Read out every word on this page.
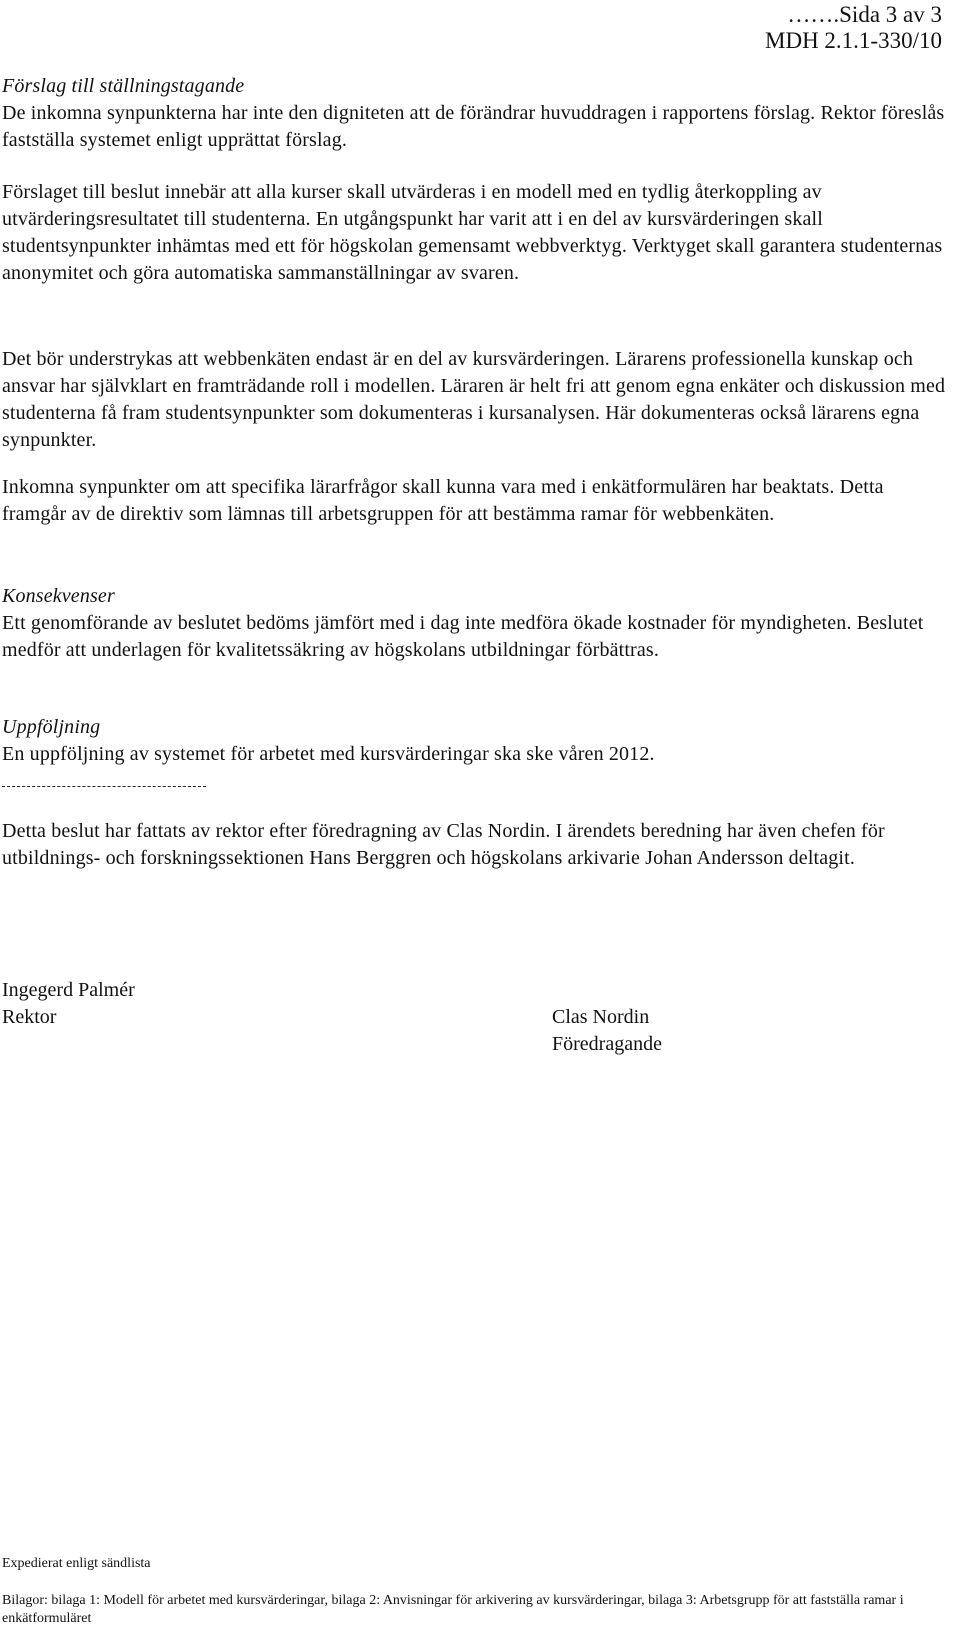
…….Sida 3 av 3
MDH 2.1.1-330/10

Förslag till ställningstagande

De inkomna synpunkterna har inte den digniteten att de förändrar huvuddragen i rapportens förslag. Rektor föreslås fastställa systemet enligt upprättat förslag.

Förslaget till beslut innebär att alla kurser skall utvärderas i en modell med en tydlig återkoppling av utvärderingsresultatet till studenterna. En utgångspunkt har varit att i en del av kursvärderingen skall studentsynpunkter inhämtas med ett för högskolan gemensamt webbverktyg. Verktyget skall garantera studenternas anonymitet och göra automatiska sammanställningar av svaren.
Det bör understrykas att webbenkäten endast är en del av kursvärderingen. Lärarens professionella kunskap och ansvar har självklart en framträdande roll i modellen. Läraren är helt fri att genom egna enkäter och diskussion med studenterna få fram studentsynpunkter som dokumenteras i kursanalysen. Här dokumenteras också lärarens egna synpunkter.
Inkomna synpunkter om att specifika lärarfrågor skall kunna vara med i enkätformulären har beaktats. Detta framgår av de direktiv som lämnas till arbetsgruppen för att bestämma ramar för webbenkäten.

Konsekvenser

Ett genomförande av beslutet bedöms jämfört med i dag inte medföra ökade kostnader för myndigheten. Beslutet medför att underlagen för kvalitetssäkring av högskolans utbildningar förbättras.

Uppföljning

En uppföljning av systemet för arbetet med kursvärderingar ska ske våren 2012.

Detta beslut har fattats av rektor efter föredragning av Clas Nordin. I ärendets beredning har även chefen för utbildnings- och forskningssektionen Hans Berggren och högskolans arkivarie Johan Andersson deltagit.
Ingegerd Palmér
Rektor	Clas Nordin
Föredragande
Expedierat enligt sändlista
Bilagor: bilaga 1: Modell för arbetet med kursvärderingar, bilaga 2: Anvisningar för arkivering av kursvärderingar, bilaga 3: Arbetsgrupp för att fastställa ramar i enkätformuläret
